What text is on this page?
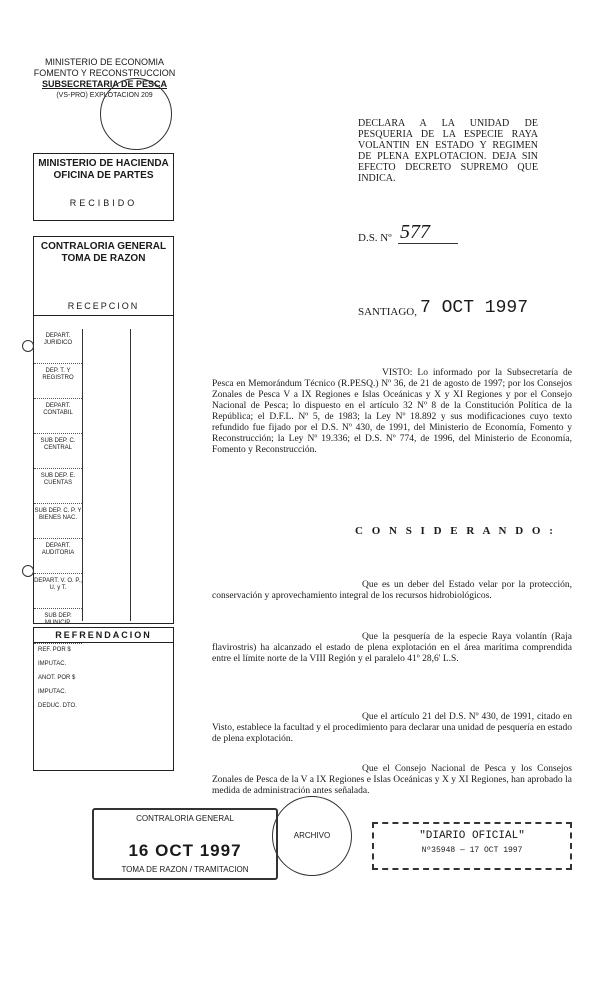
MINISTERIO DE ECONOMIA
FOMENTO Y RECONSTRUCCION
SUBSECRETARIA DE PESCA
(VS-PRO) EXPLOTACION 209
MINISTERIO DE HACIENDA
OFICINA DE PARTES
RECIBIDO
CONTRALORIA GENERAL
TOMA DE RAZON
RECEPCION
DEPART. JURIDICO
DEP. T. Y REGISTRO
DEPART. CONTABIL
SUB DEP. C. CENTRAL
SUB DEP. E. CUENTAS
SUB DEP. C. P. Y BIENES NAC.
DEPART. AUDITORIA
DEPART. V. O. P., U. y T.
SUB DEP. MUNICIP.
REFRENDACION
REF. POR $
IMPUTAC.
ANOT. POR $
IMPUTAC.
DEDUC. DTO.
DECLARA A LA UNIDAD DE PESQUERIA DE LA ESPECIE RAYA VOLANTIN EN ESTADO Y REGIMEN DE PLENA EXPLOTACION. DEJA SIN EFECTO DECRETO SUPREMO QUE INDICA.
D.S. Nº 577
SANTIAGO, 7 OCT 1997
VISTO: Lo informado por la Subsecretaría de Pesca en Memorándum Técnico (R.PESQ.) Nº 36, de 21 de agosto de 1997; por los Consejos Zonales de Pesca V a IX Regiones e Islas Oceánicas y X y XI Regiones y por el Consejo Nacional de Pesca; lo dispuesto en el artículo 32 Nº 8 de la Constitución Política de la República; el D.F.L. Nº 5, de 1983; la Ley Nº 18.892 y sus modificaciones cuyo texto refundido fue fijado por el D.S. Nº 430, de 1991, del Ministerio de Economía, Fomento y Reconstrucción; la Ley Nº 19.336; el D.S. Nº 774, de 1996, del Ministerio de Economía, Fomento y Reconstrucción.
C O N S I D E R A N D O :
Que es un deber del Estado velar por la protección, conservación y aprovechamiento integral de los recursos hidrobiológicos.
Que la pesquería de la especie Raya volantín (Raja flavirostris) ha alcanzado el estado de plena explotación en el área marítima comprendida entre el límite norte de la VIII Región y el paralelo 41º 28,6' L.S.
Que el artículo 21 del D.S. Nº 430, de 1991, citado en Visto, establece la facultad y el procedimiento para declarar una unidad de pesquería en estado de plena explotación.
Que el Consejo Nacional de Pesca y los Consejos Zonales de Pesca de la V a IX Regiones e Islas Oceánicas y X y XI Regiones, han aprobado la medida de administración antes señalada.
CONTRALORIA GENERAL
16 OCT 1997
TOMA DE RAZON / TRAMITACION
ARCHIVO	"DIARIO OFICIAL"
Nº35948 — 17 OCT 1997
